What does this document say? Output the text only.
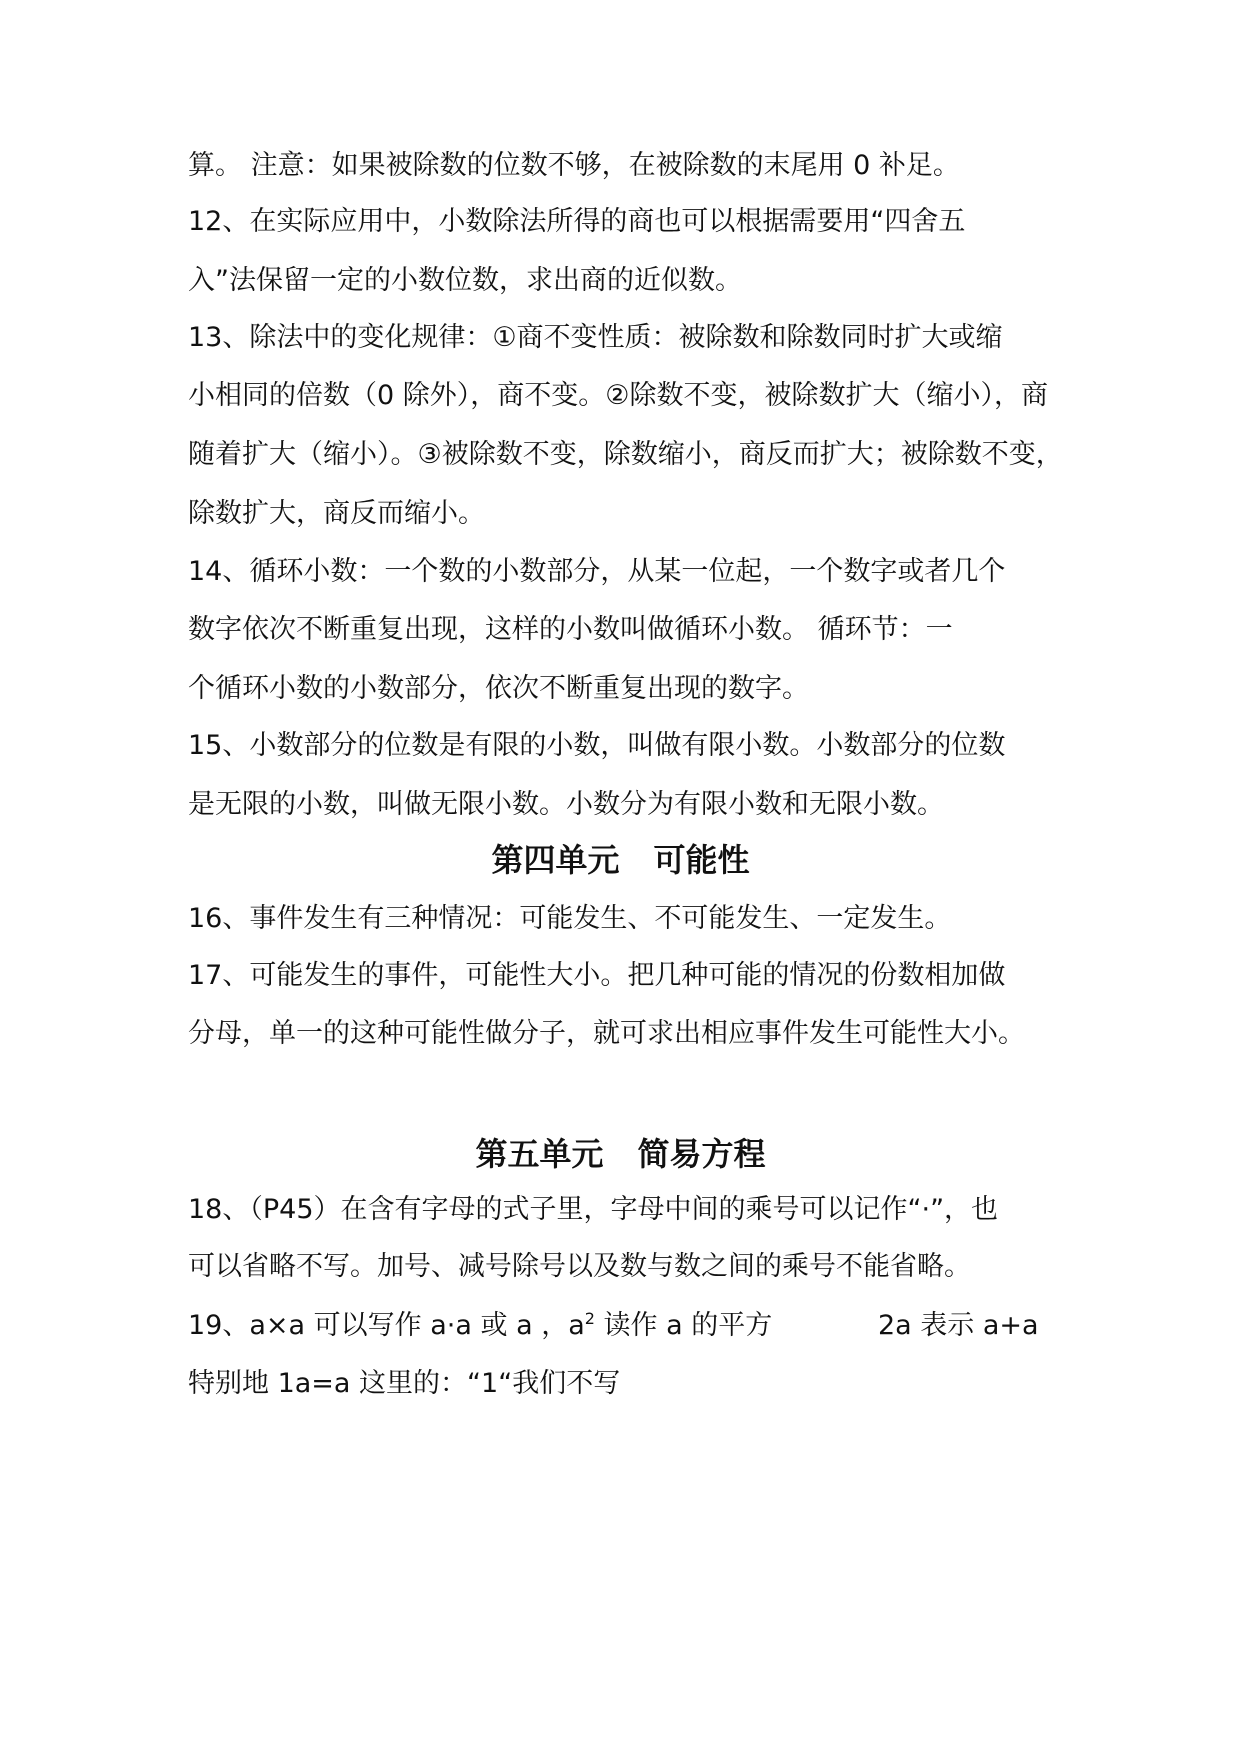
算。 注意：如果被除数的位数不够，在被除数的末尾用 0 补足。
12、在实际应用中，小数除法所得的商也可以根据需要用“四舍五
入”法保留一定的小数位数，求出商的近似数。
13、除法中的变化规律：①商不变性质：被除数和除数同时扩大或缩
小相同的倍数（0 除外），商不变。②除数不变，被除数扩大（缩小），商
随着扩大（缩小）。③被除数不变，除数缩小，商反而扩大；被除数不变，
除数扩大，商反而缩小。
14、循环小数：一个数的小数部分，从某一位起，一个数字或者几个
数字依次不断重复出现，这样的小数叫做循环小数。 循环节：一
个循环小数的小数部分，依次不断重复出现的数字。
15、小数部分的位数是有限的小数，叫做有限小数。小数部分的位数
是无限的小数，叫做无限小数。小数分为有限小数和无限小数。
第四单元 可能性
16、事件发生有三种情况：可能发生、不可能发生、一定发生。
17、可能发生的事件，可能性大小。把几种可能的情况的份数相加做
分母，单一的这种可能性做分子，就可求出相应事件发生可能性大小。
第五单元 简易方程
18、（P45）在含有字母的式子里，字母中间的乘号可以记作“·”，也
可以省略不写。加号、减号除号以及数与数之间的乘号不能省略。
19、a×a 可以写作 a·a 或 a ，$a^2$ 读作 a 的平方	2a 表示 a+a
特别地 1a=a 这里的：“1“我们不写
